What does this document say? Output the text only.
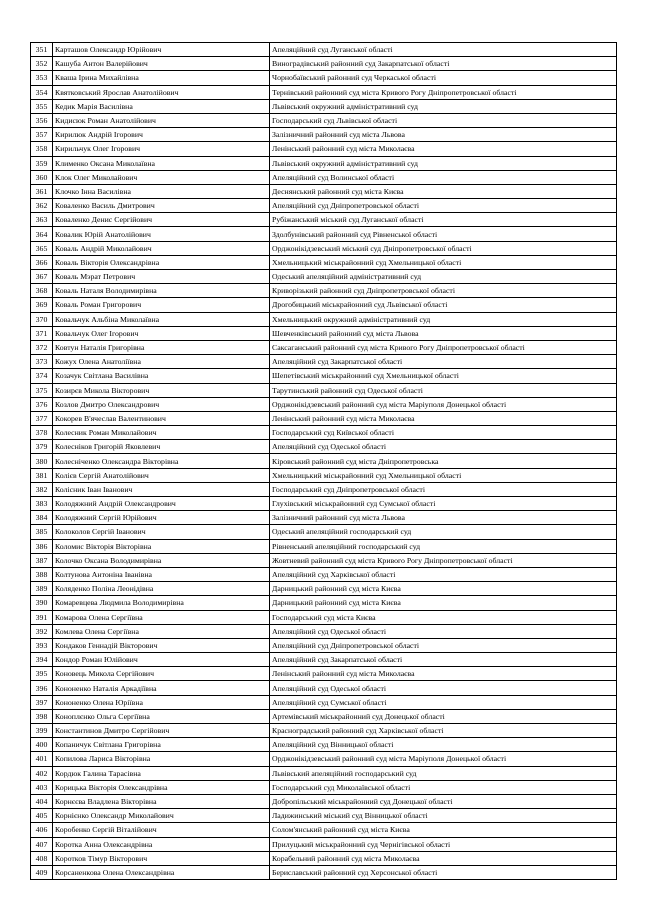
351	Карташов Олександр Юрійович	Апеляційний суд Луганської області
352	Кашуба Антон Валерійович	Виноградівський районний суд Закарпатської області
353	Кваша Ірина Михайлівна	Чорнобаївський районний суд Черкаської області
354	Квятковський Ярослав Анатолійович	Тернівський районний суд міста Кривого Рогу Дніпропетровської області
355	Кедик Марія Василівна	Львівський окружний адміністративний суд
356	Кидисюк Роман Анатолійович	Господарський суд Львівської області
357	Кирилюк Андрій Ігорович	Залізничний районний суд міста Львова
358	Кирильчук Олег Ігорович	Ленінський районний суд міста Миколаєва
359	Клименко Оксана Миколаївна	Львівський окружний адміністративний суд
360	Клок Олег Миколайович	Апеляційний суд Волинської області
361	Клочко Інна Василівна	Деснянський районний суд міста Києва
362	Коваленко Василь Дмитрович	Апеляційний суд Дніпропетровської області
363	Коваленко Денис Сергійович	Рубіжанський міський суд Луганської області
364	Ковалик Юрій Анатолійович	Здолбунівський районний суд Рівненської області
365	Коваль Андрій Миколайович	Орджонікідзевський міський суд Дніпропетровської області
366	Коваль Вікторія Олександрівна	Хмельницький міськрайонний суд Хмельницької області
367	Коваль Мэрат Петрович	Одеський апеляційний адміністративний суд
368	Коваль Наталя Володимирівна	Криворізький районний суд Дніпропетровської області
369	Коваль Роман Григорович	Дрогобицький міськрайонний суд Львівської області
370	Ковальчук Альбіна Миколаївна	Хмельницький окружний адміністративний суд
371	Ковальчук Олег Ігорович	Шевченківський районний суд міста Львова
372	Ковтун Наталія Григорівна	Саксаганський районний суд міста Кривого Рогу Дніпропетровської області
373	Кожух Олена Анатоліївна	Апеляційний суд Закарпатської області
374	Козачук Світлана Василівна	Шепетівський міськрайонний суд Хмельницької області
375	Козирєв Микола Вікторович	Тарутинський районний суд Одеської області
376	Козлов Дмитро Олександрович	Орджонікідзевський районний суд міста Маріуполя Донецької області
377	Кокорев В'ячеслав Валентинович	Ленінський районний суд міста Миколаєва
378	Колесник Роман Миколайович	Господарський суд Київської області
379	Колесніков Григорій Яковлевич	Апеляційний суд Одеської області
380	Колесніченко Олександра Вікторівна	Кіровський районний суд міста Дніпропетровська
381	Колієв Сергій Анатолійович	Хмельницький міськрайонний суд Хмельницької області
382	Колісник Іван Іванович	Господарський суд Дніпропетровської області
383	Колодяжний Андрій Олександрович	Глухівський міськрайонний суд Сумської області
384	Колодяжний Сергій Юрійович	Залізничний районний суд міста Львова
385	Колоколов Сергій Іванович	Одеський апеляційний господарський суд
386	Коломис Вікторія Вікторівна	Рівненський апеляційний господарський суд
387	Колочко Оксана Володимирівна	Жовтневий районний суд міста Кривого Рогу Дніпропетровської області
388	Колтунова Антоніна Іванівна	Апеляційний суд Харківської області
389	Коляденко Поліна Леонідівна	Дарницький районний суд міста Києва
390	Комаревцева Людмила Володимирівна	Дарницький районний суд міста Києва
391	Комарова Олена Сергіївна	Господарський суд міста Києва
392	Комлева Олена Сергіївна	Апеляційний суд Одеської області
393	Кондаков Геннадій Вікторович	Апеляційний суд Дніпропетровської області
394	Кондор Роман Юлійович	Апеляційний суд Закарпатської області
395	Коновець Микола Сергійович	Ленінський районний суд міста Миколаєва
396	Кононенко Наталія Аркадіївна	Апеляційний суд Одеської області
397	Кононенко Олена Юріївна	Апеляційний суд Сумської області
398	Коноплєнко Ольга Сергіївна	Артемівський міськрайонний суд Донецької області
399	Константинов Дмитро Сергійович	Красноградський районний суд Харківської області
400	Копаничук Світлана Григорівна	Апеляційний суд Вінницької області
401	Копилова Лариса Вікторівна	Орджонікідзевський районний суд міста Маріуполя Донецької області
402	Кордюк Галина Тарасівна	Львівський апеляційний господарський суд
403	Корицька Вікторія Олександрівна	Господарський суд Миколаївської області
404	Корнєєва Владлена Вікторівна	Добропільський міськрайонний суд Донецької області
405	Корнієнко Олександр Миколайович	Ладижинський міський суд Вінницької області
406	Коробенко Сергій Віталійович	Солом'янський районний суд міста Києва
407	Коротка Анна Олександрівна	Прилуцький міськрайонний суд Чернігівської області
408	Коротков Тімур Вікторович	Корабельний районний суд міста Миколаєва
409	Корсаненкова Олена Олександрівна	Бериславський районний суд Херсонської області
